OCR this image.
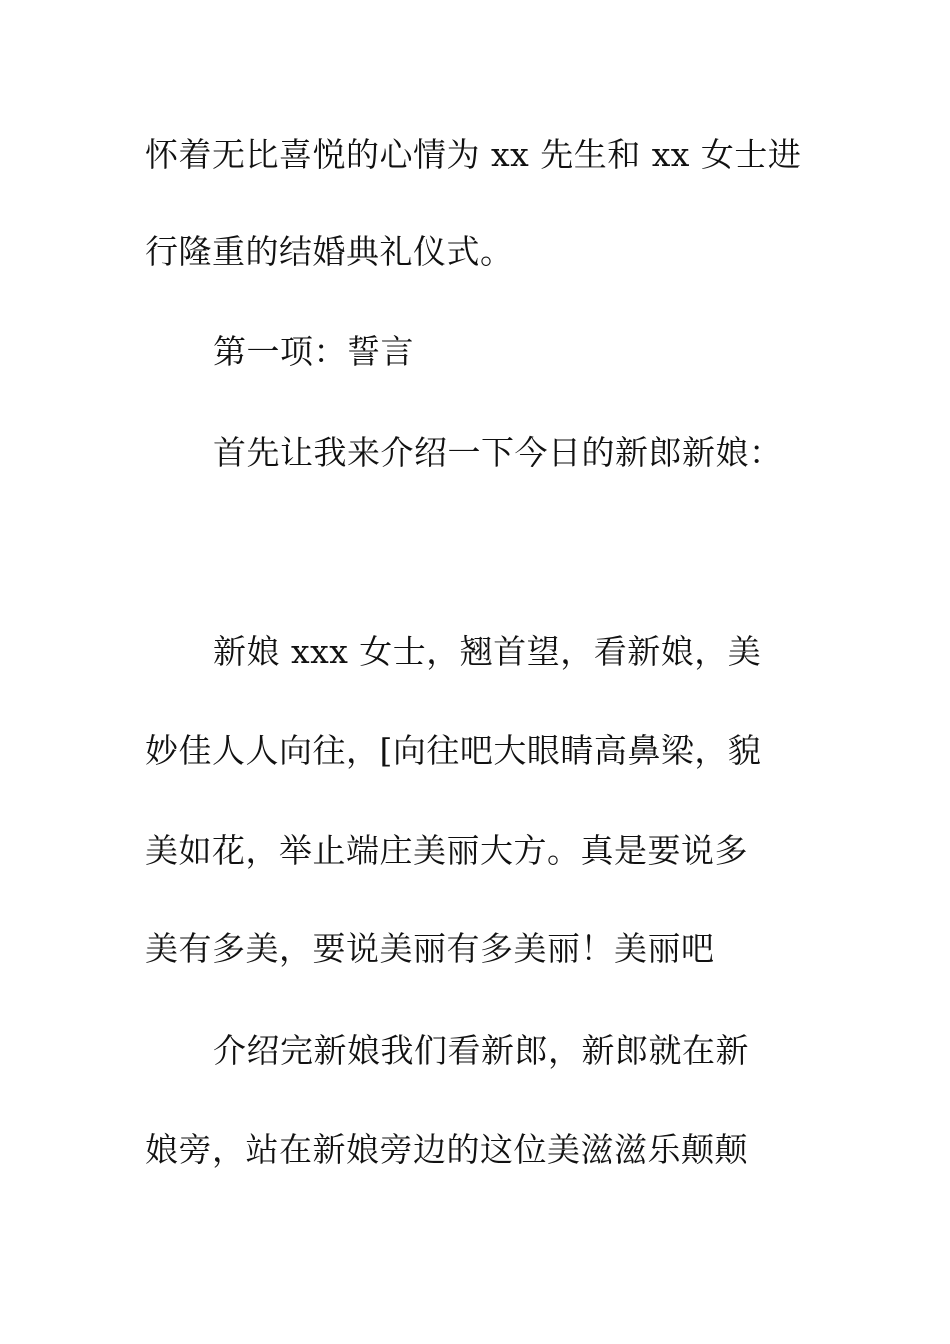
怀着无比喜悦的心情为 xx 先生和 xx 女士进
行隆重的结婚典礼仪式。
第一项：誓言
首先让我来介绍一下今日的新郎新娘：
新娘 xxx 女士，翘首望，看新娘，美
妙佳人人向往，[向往吧大眼睛高鼻梁，貌
美如花，举止端庄美丽大方。真是要说多
美有多美，要说美丽有多美丽！美丽吧
介绍完新娘我们看新郎，新郎就在新
娘旁，站在新娘旁边的这位美滋滋乐颠颠
